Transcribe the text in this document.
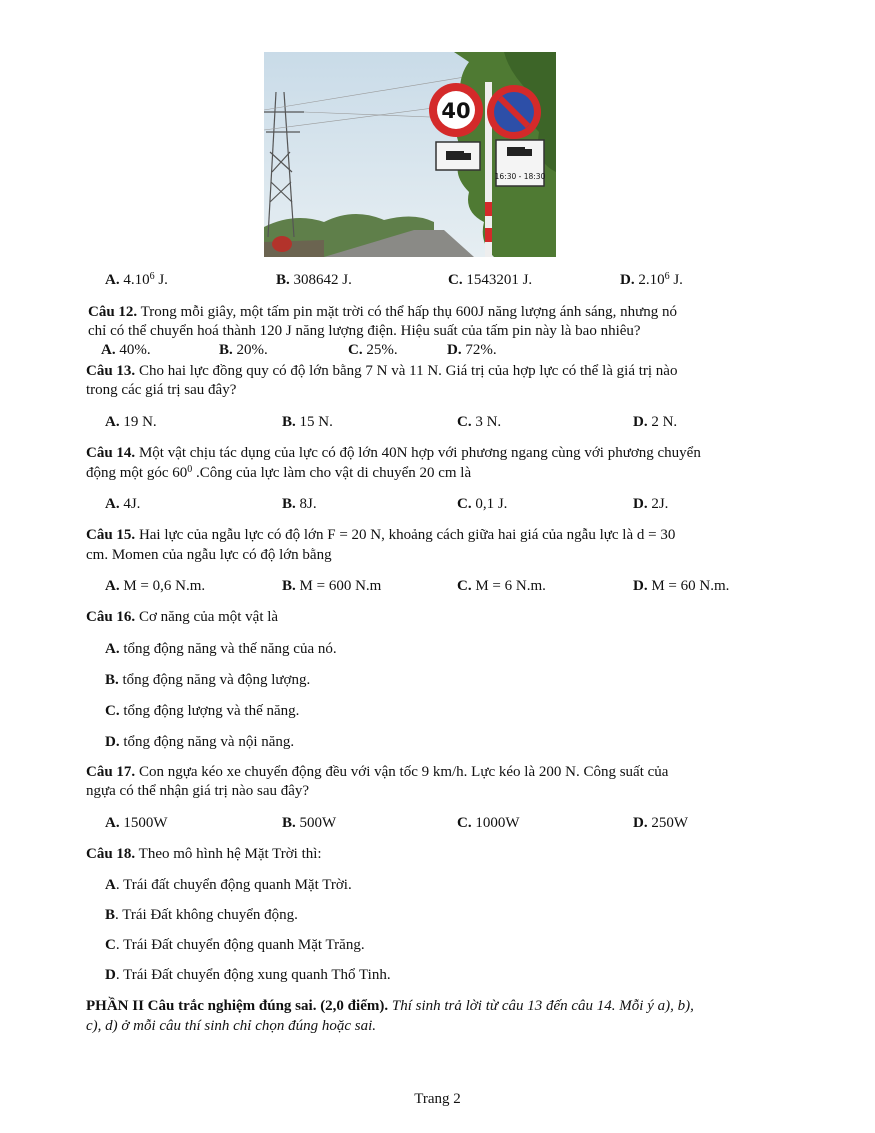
40
16:30 - 18:30
A. 4.10$^6$ J.	B. 308642 J.	C. 1543201 J.	D. 2.10$^6$ J.
Câu 12. Trong mỗi giây, một tấm pin mặt trời có thể hấp thụ 600J năng lượng ánh sáng, nhưng nó
chỉ có thể chuyển hoá thành 120 J năng lượng điện. Hiệu suất của tấm pin này là bao nhiêu?
A. 40%.	B. 20%.	C. 25%.	D. 72%.
Câu 13. Cho hai lực đồng quy có độ lớn bằng 7 N và 11 N. Giá trị của hợp lực có thể là giá trị nào
trong các giá trị sau đây?
A. 19 N.	B. 15 N.	C. 3 N.	D. 2 N.
Câu 14. Một vật chịu tác dụng của lực có độ lớn 40N hợp với phương ngang cùng với phương chuyển
động một góc $60^0$ .Công của lực làm cho vật di chuyển 20 cm là
A. 4J.	B. 8J.	C. 0,1 J.	D. 2J.
Câu 15. Hai lực của ngẫu lực có độ lớn F = 20 N, khoảng cách giữa hai giá của ngẫu lực là d = 30
cm. Momen của ngẫu lực có độ lớn bằng
A. M = 0,6 N.m.	B. M = 600 N.m	C. M = 6 N.m.	D. M = 60 N.m.
Câu 16. Cơ năng của một vật là
A. tổng động năng và thế năng của nó.
B. tổng động năng và động lượng.
C. tổng động lượng và thế năng.
D. tổng động năng và nội năng.
Câu 17. Con ngựa kéo xe chuyển động đều với vận tốc 9 km/h. Lực kéo là 200 N. Công suất của
ngựa có thể nhận giá trị nào sau đây?
A. 1500W	B. 500W	C. 1000W	D. 250W
Câu 18. Theo mô hình hệ Mặt Trời thì:
A. Trái đất chuyển động quanh Mặt Trời.
B. Trái Đất không chuyển động.
C. Trái Đất chuyển động quanh Mặt Trăng.
D. Trái Đất chuyển động xung quanh Thổ Tinh.
PHẦN II Câu trắc nghiệm đúng sai. (2,0 điểm). Thí sinh trả lời từ câu 13 đến câu 14. Mỗi ý a), b),
c), d) ở mỗi câu thí sinh chỉ chọn đúng hoặc sai.
Trang 2
